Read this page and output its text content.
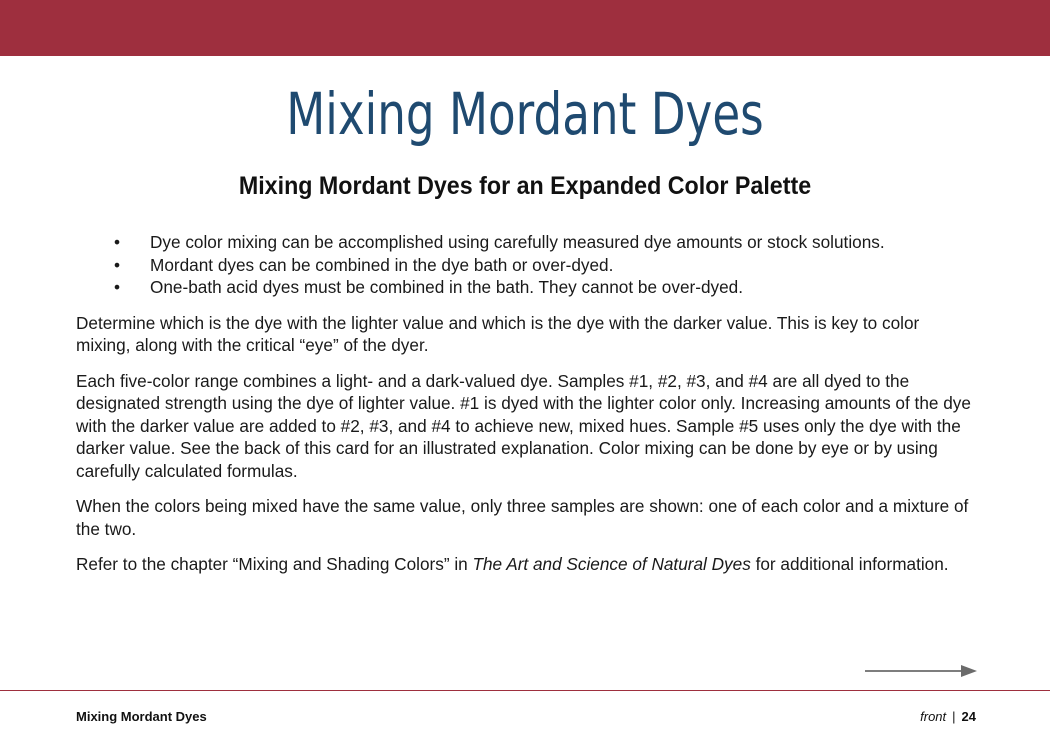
Mixing Mordant Dyes
Mixing Mordant Dyes for an Expanded Color Palette
• Dye color mixing can be accomplished using carefully measured dye amounts or stock solutions.
• Mordant dyes can be combined in the dye bath or over-dyed.
• One-bath acid dyes must be combined in the bath. They cannot be over-dyed.

Determine which is the dye with the lighter value and which is the dye with the darker value. This is key to color mixing, along with the critical “eye” of the dyer.

Each five-color range combines a light- and a dark-valued dye. Samples #1, #2, #3, and #4 are all dyed to the designated strength using the dye of lighter value. #1 is dyed with the lighter color only. Increasing amounts of the dye with the darker value are added to #2, #3, and #4 to achieve new, mixed hues. Sample #5 uses only the dye with the darker value. See the back of this card for an illustrated explanation. Color mixing can be done by eye or by using carefully calculated formulas.

When the colors being mixed have the same value, only three samples are shown: one of each color and a mixture of the two.

Refer to the chapter “Mixing and Shading Colors” in The Art and Science of Natural Dyes for additional information.

Mixing Mordant Dyes	front | 24
